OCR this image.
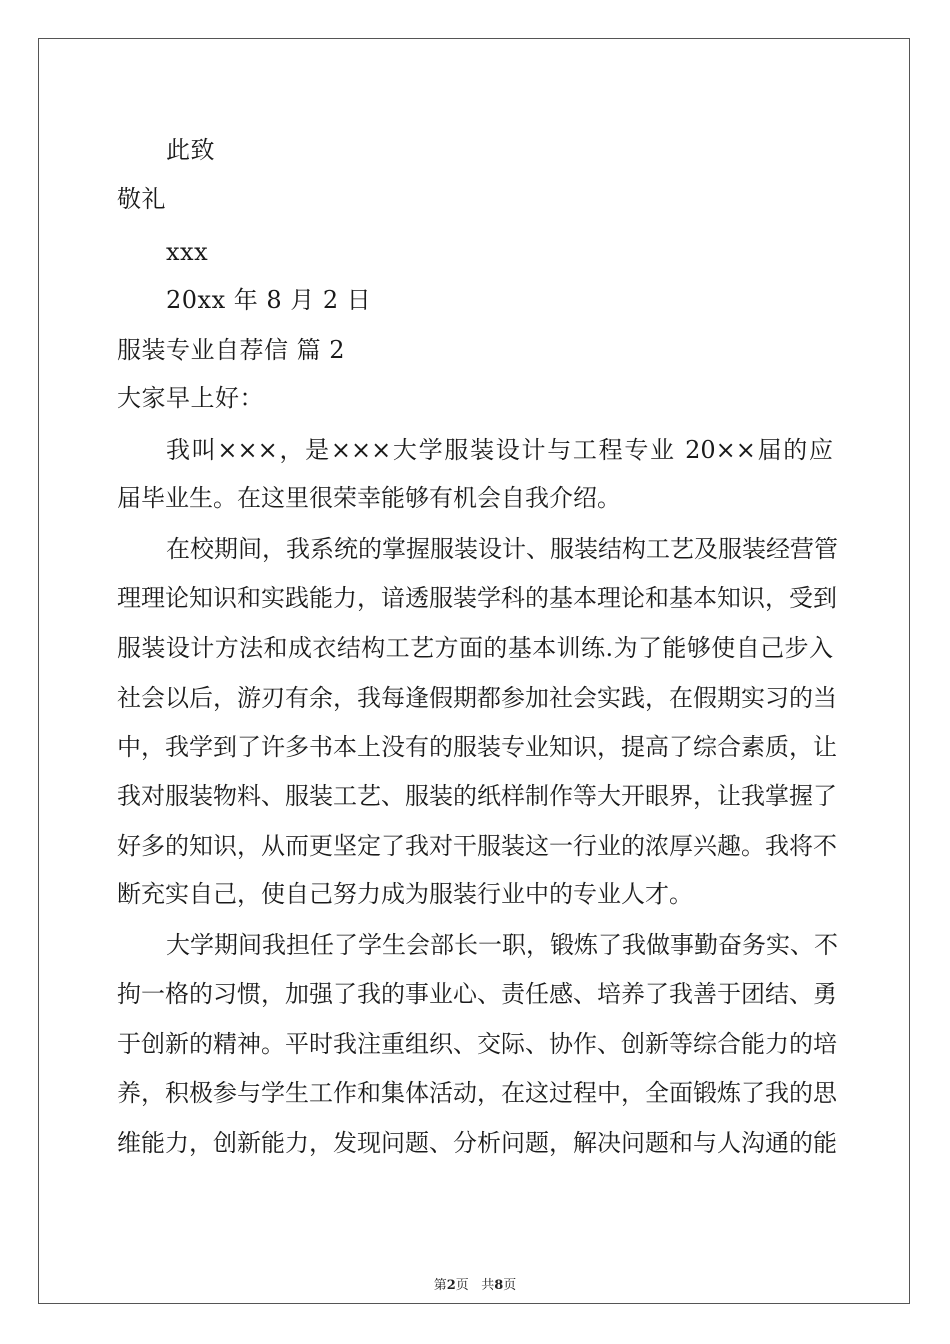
此致
敬礼
xxx
20xx 年 8 月 2 日
服装专业自荐信 篇 2
大家早上好：
我叫×××，是×××大学服装设计与工程专业 20××届的应
届毕业生。在这里很荣幸能够有机会自我介绍。
在校期间，我系统的掌握服装设计、服装结构工艺及服装经营管
理理论知识和实践能力，谙透服装学科的基本理论和基本知识，受到
服装设计方法和成衣结构工艺方面的基本训练.为了能够使自己步入
社会以后，游刃有余，我每逢假期都参加社会实践，在假期实习的当
中，我学到了许多书本上没有的服装专业知识，提高了综合素质，让
我对服装物料、服装工艺、服装的纸样制作等大开眼界，让我掌握了
好多的知识，从而更坚定了我对干服装这一行业的浓厚兴趣。我将不
断充实自己，使自己努力成为服装行业中的专业人才。
大学期间我担任了学生会部长一职，锻炼了我做事勤奋务实、不
拘一格的习惯，加强了我的事业心、责任感、培养了我善于团结、勇
于创新的精神。平时我注重组织、交际、协作、创新等综合能力的培
养，积极参与学生工作和集体活动，在这过程中，全面锻炼了我的思
维能力，创新能力，发现问题、分析问题，解决问题和与人沟通的能
第2页   共8页
